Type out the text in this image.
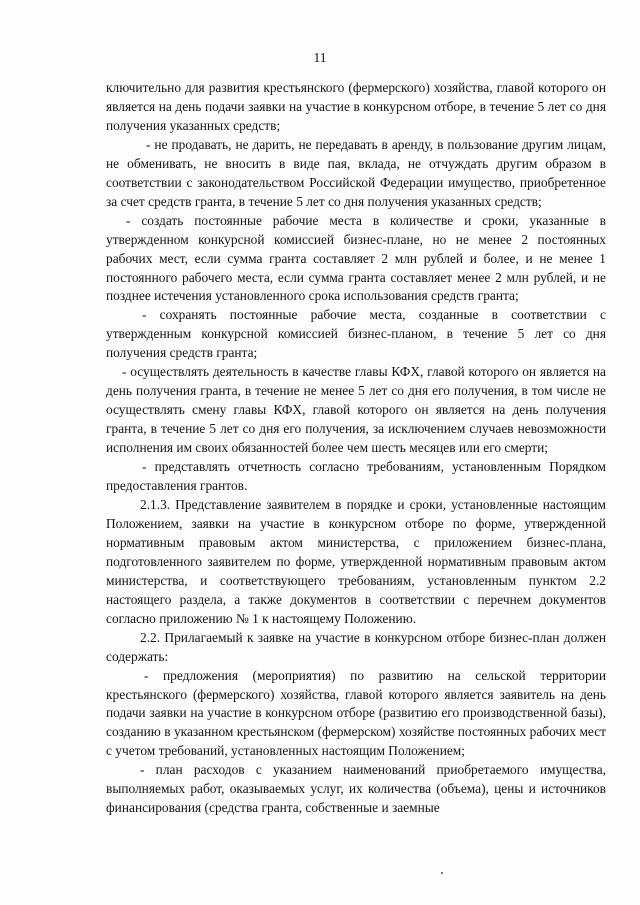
11

ключительно для развития крестьянского (фермерского) хозяйства, главой которого он является на день подачи заявки на участие в конкурсном отборе, в течение 5 лет со дня получения указанных средств;

- не продавать, не дарить, не передавать в аренду, в пользование другим лицам, не обменивать, не вносить в виде пая, вклада, не отчуждать другим образом в соответствии с законодательством Российской Федерации имущество, приобретенное за счет средств гранта, в течение 5 лет со дня получения указанных средств;

- создать постоянные рабочие места в количестве и сроки, указанные в утвержденном конкурсной комиссией бизнес-плане, но не менее 2 постоянных рабочих мест, если сумма гранта составляет 2 млн рублей и более, и не менее 1 постоянного рабочего места, если сумма гранта составляет менее 2 млн рублей, и не позднее истечения установленного срока использования средств гранта;

- сохранять постоянные рабочие места, созданные в соответствии с утвержденным конкурсной комиссией бизнес-планом, в течение 5 лет со дня получения средств гранта;

- осуществлять деятельность в качестве главы КФХ, главой которого он является на день получения гранта, в течение не менее 5 лет со дня его получения, в том числе не осуществлять смену главы КФХ, главой которого он является на день получения гранта, в течение 5 лет со дня его получения, за исключением случаев невозможности исполнения им своих обязанностей более чем шесть месяцев или его смерти;

- представлять отчетность согласно требованиям, установленным Порядком предоставления грантов.

2.1.3. Представление заявителем в порядке и сроки, установленные настоящим Положением, заявки на участие в конкурсном отборе по форме, утвержденной нормативным правовым актом министерства, с приложением бизнес-плана, подготовленного заявителем по форме, утвержденной нормативным правовым актом министерства, и соответствующего требованиям, установленным пунктом 2.2 настоящего раздела, а также документов в соответствии с перечнем документов согласно приложению № 1 к настоящему Положению.

2.2. Прилагаемый к заявке на участие в конкурсном отборе бизнес-план должен содержать:

- предложения (мероприятия) по развитию на сельской территории крестьянского (фермерского) хозяйства, главой которого является заявитель на день подачи заявки на участие в конкурсном отборе (развитию его производственной базы), созданию в указанном крестьянском (фермерском) хозяйстве постоянных рабочих мест с учетом требований, установленных настоящим Положением;

- план расходов с указанием наименований приобретаемого имущества, выполняемых работ, оказываемых услуг, их количества (объема), цены и источников финансирования (средства гранта, собственные и заемные
